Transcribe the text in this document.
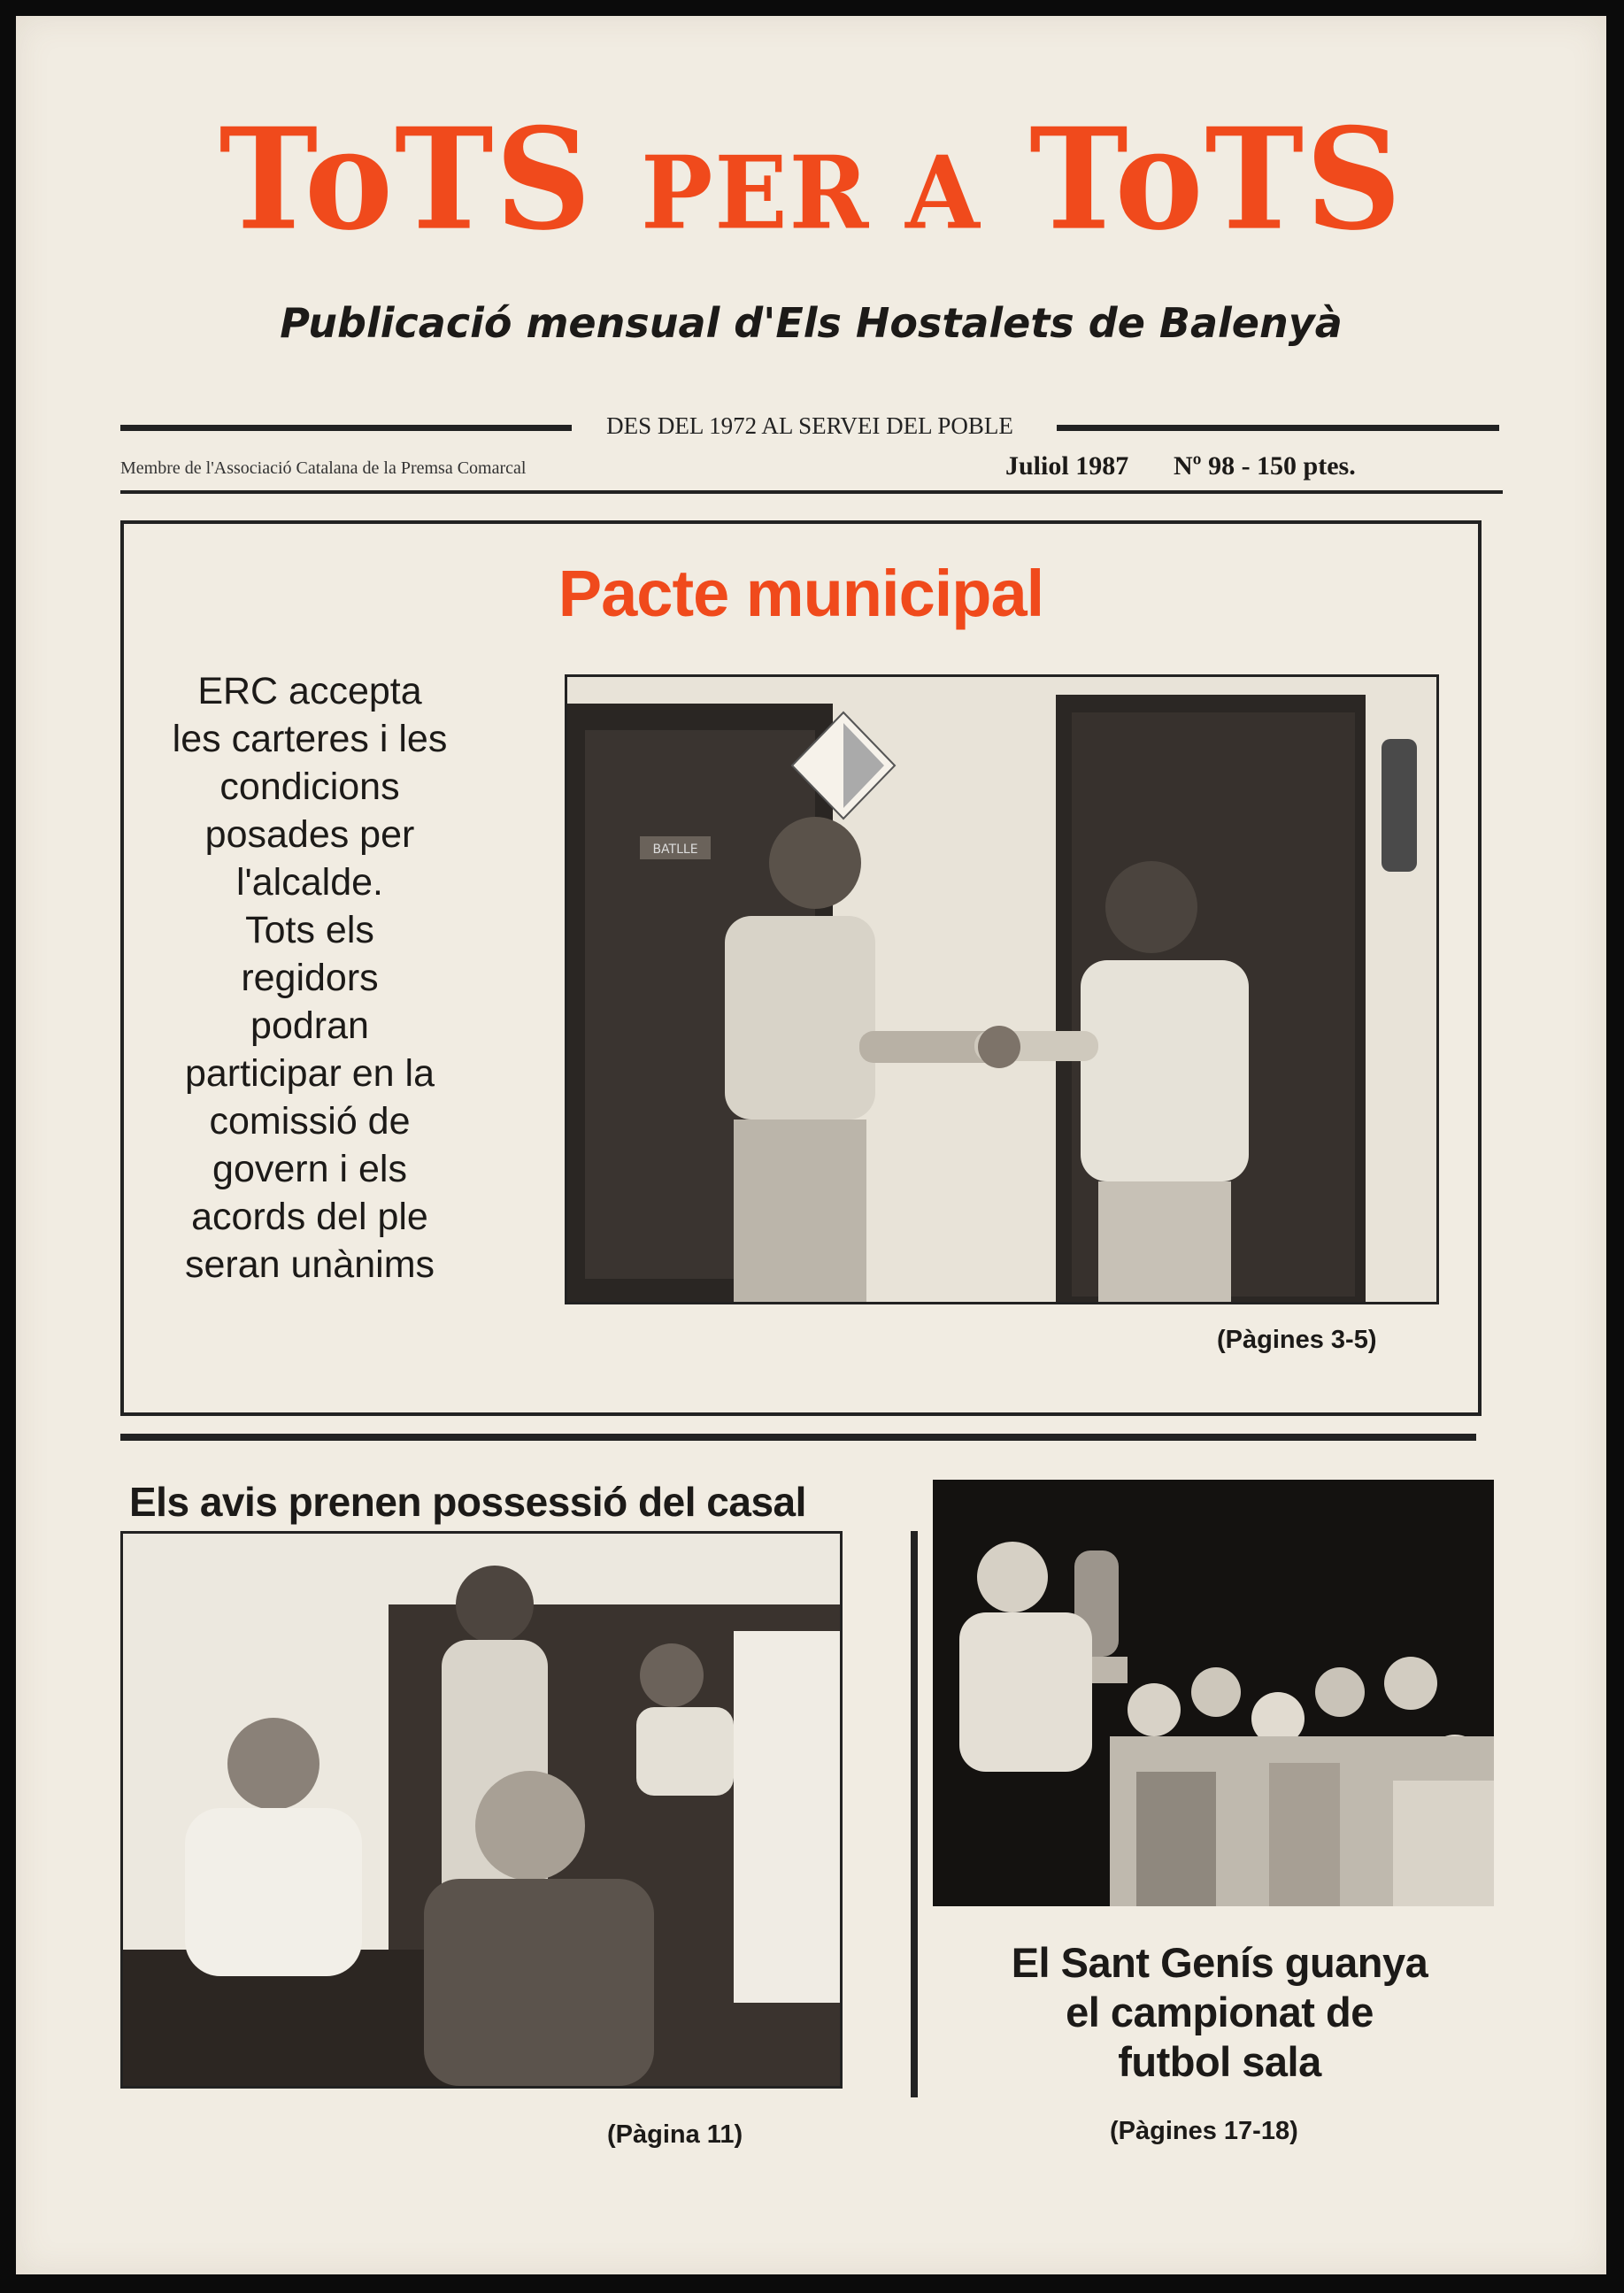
ToTS PER A ToTS
Publicació mensual d'Els Hostalets de Balenyà
DES DEL 1972 AL SERVEI DEL POBLE
Membre de l'Associació Catalana de la Premsa Comarcal	Juliol 1987 Nº 98 - 150 ptes.
Pacte municipal
ERC accepta
les carteres i les
condicions
posades per
l'alcalde.
Tots els
regidors
podran
participar en la
comissió de
govern i els
acords del ple
seran unànims
BATLLE
(Pàgines 3-5)
Els avis prenen possessió del casal
(Pàgina 11)
El Sant Genís guanya
el campionat de
futbol sala
(Pàgines 17-18)
